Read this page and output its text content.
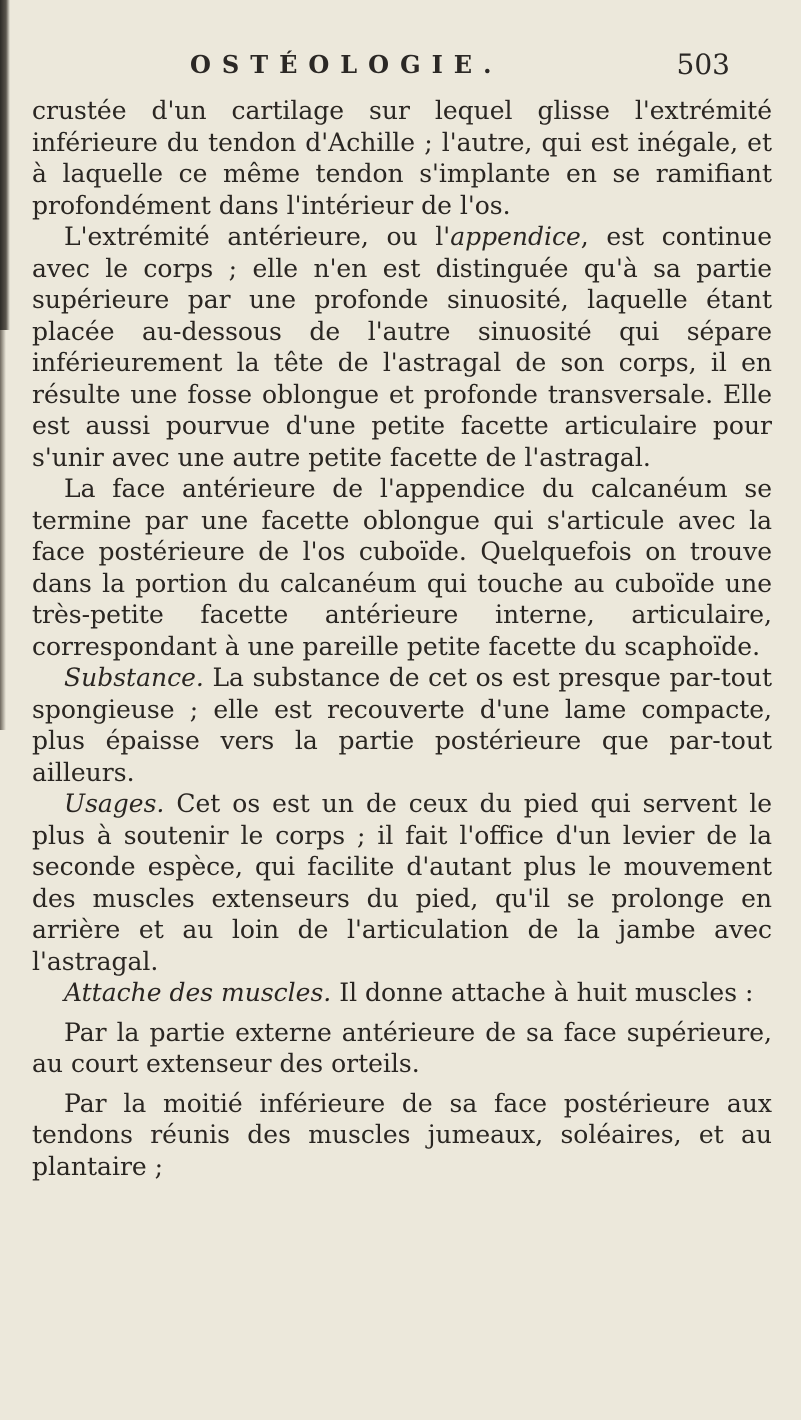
OSTÉOLOGIE.	503

crustée d'un cartilage sur lequel glisse l'extrémité inférieure du tendon d'Achille ; l'autre, qui est inégale, et à laquelle ce même tendon s'implante en se ramifiant profondément dans l'intérieur de l'os.

L'extrémité antérieure, ou l'appendice, est continue avec le corps ; elle n'en est distinguée qu'à sa partie supérieure par une profonde sinuosité, laquelle étant placée au-dessous de l'autre sinuosité qui sépare inférieurement la tête de l'astragal de son corps, il en résulte une fosse oblongue et profonde transversale. Elle est aussi pourvue d'une petite facette articulaire pour s'unir avec une autre petite facette de l'astragal.

La face antérieure de l'appendice du calcanéum se termine par une facette oblongue qui s'articule avec la face postérieure de l'os cuboïde. Quelquefois on trouve dans la portion du calcanéum qui touche au cuboïde une très-petite facette antérieure interne, articulaire, correspondant à une pareille petite facette du scaphoïde.

Substance. La substance de cet os est presque par-tout spongieuse ; elle est recouverte d'une lame compacte, plus épaisse vers la partie postérieure que par-tout ailleurs.

Usages. Cet os est un de ceux du pied qui servent le plus à soutenir le corps ; il fait l'office d'un levier de la seconde espèce, qui facilite d'autant plus le mouvement des muscles extenseurs du pied, qu'il se prolonge en arrière et au loin de l'articulation de la jambe avec l'astragal.

Attache des muscles. Il donne attache à huit muscles :

Par la partie externe antérieure de sa face supérieure, au court extenseur des orteils.

Par la moitié inférieure de sa face postérieure aux tendons réunis des muscles jumeaux, soléaires, et au plantaire ;
